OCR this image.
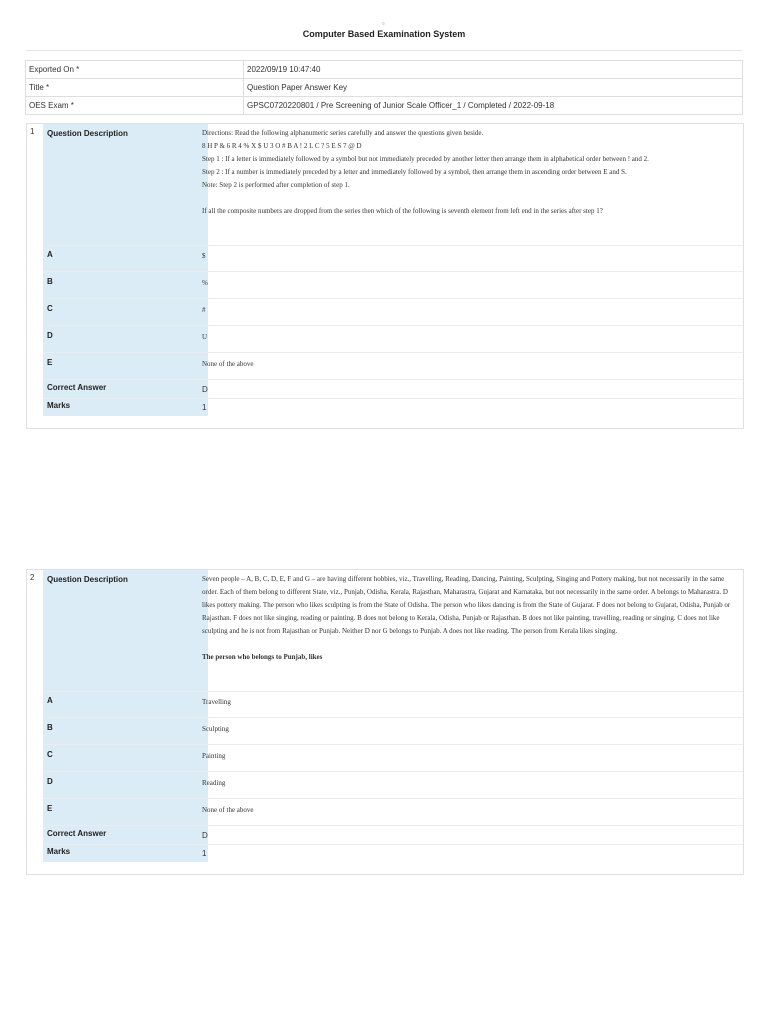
©
Computer Based Examination System
Exported On *	2022/09/19 10:47:40
Title *	Question Paper Answer Key
OES Exam *	GPSC0720220801 / Pre Screening of Junior Scale Officer_1 / Completed / 2022-09-18
1 Question Description	Directions: Read the following alphanumeric series carefully and answer the questions given beside.
8 H P & 6 R 4 % X $ U 3 O # B A ! 2 L C ? 5 E S 7 @ D
Step 1 : If a letter is immediately followed by a symbol but not immediately preceded by another letter then arrange them in alphabetical order between ! and 2.
Step 2 : If a number is immediately preceded by a letter and immediately followed by a symbol, then arrange them in ascending order between E and S.
Note: Step 2 is performed after completion of step 1.
If all the composite numbers are dropped from the series then which of the following is seventh element from left end in the series after step 1?
A	$
B	%
C	#
D	U
E	None of the above
Correct Answer	D
Marks	1
2 Question Description	Seven people – A, B, C, D, E, F and G – are having different hobbies, viz., Travelling, Reading, Dancing, Painting, Sculpting, Singing and Pottery making, but not necessarily in the same order. Each of them belong to different State, viz., Punjab, Odisha, Kerala, Rajasthan, Maharastra, Gujarat and Karnataka, but not necessarily in the same order. A belongs to Maharastra. D likes pottery making. The person who likes sculpting is from the State of Odisha. The person who likes dancing is from the State of Gujarat. F does not belong to Gujarat, Odisha, Punjab or Rajasthan. F does not like singing, reading or painting. B does not belong to Kerala, Odisha, Punjab or Rajasthan. B does not like painting, travelling, reading or singing. C does not like sculpting and he is not from Rajasthan or Punjab. Neither D nor G belongs to Punjab. A does not like reading. The person from Kerala likes singing.
The person who belongs to Punjab, likes
A	Travelling
B	Sculpting
C	Painting
D	Reading
E	None of the above
Correct Answer	D
Marks	1
